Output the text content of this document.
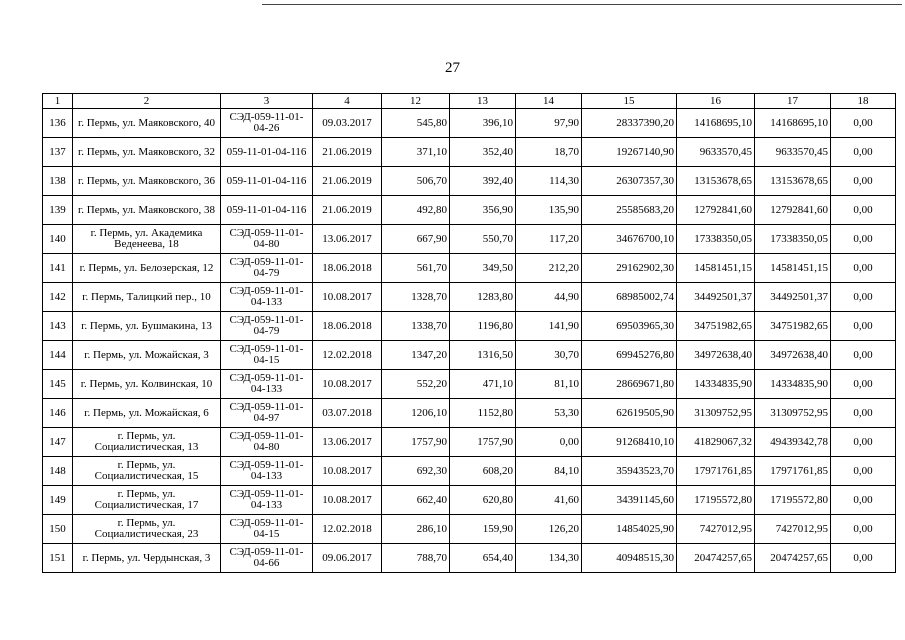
27
1	2	3	4	12	13	14	15	16	17	18
136	г. Пермь, ул. Маяковского, 40	СЭД-059-11-01-04-26	09.03.2017	545,80	396,10	97,90	28337390,20	14168695,10	14168695,10	0,00
137	г. Пермь, ул. Маяковского, 32	059-11-01-04-116	21.06.2019	371,10	352,40	18,70	19267140,90	9633570,45	9633570,45	0,00
138	г. Пермь, ул. Маяковского, 36	059-11-01-04-116	21.06.2019	506,70	392,40	114,30	26307357,30	13153678,65	13153678,65	0,00
139	г. Пермь, ул. Маяковского, 38	059-11-01-04-116	21.06.2019	492,80	356,90	135,90	25585683,20	12792841,60	12792841,60	0,00
140	г. Пермь, ул. Академика Веденеева, 18	СЭД-059-11-01-04-80	13.06.2017	667,90	550,70	117,20	34676700,10	17338350,05	17338350,05	0,00
141	г. Пермь, ул. Белозерская, 12	СЭД-059-11-01-04-79	18.06.2018	561,70	349,50	212,20	29162902,30	14581451,15	14581451,15	0,00
142	г. Пермь, Талицкий пер., 10	СЭД-059-11-01-04-133	10.08.2017	1328,70	1283,80	44,90	68985002,74	34492501,37	34492501,37	0,00
143	г. Пермь, ул. Бушмакина, 13	СЭД-059-11-01-04-79	18.06.2018	1338,70	1196,80	141,90	69503965,30	34751982,65	34751982,65	0,00
144	г. Пермь, ул. Можайская, 3	СЭД-059-11-01-04-15	12.02.2018	1347,20	1316,50	30,70	69945276,80	34972638,40	34972638,40	0,00
145	г. Пермь, ул. Колвинская, 10	СЭД-059-11-01-04-133	10.08.2017	552,20	471,10	81,10	28669671,80	14334835,90	14334835,90	0,00
146	г. Пермь, ул. Можайская, 6	СЭД-059-11-01-04-97	03.07.2018	1206,10	1152,80	53,30	62619505,90	31309752,95	31309752,95	0,00
147	г. Пермь, ул. Социалистическая, 13	СЭД-059-11-01-04-80	13.06.2017	1757,90	1757,90	0,00	91268410,10	41829067,32	49439342,78	0,00
148	г. Пермь, ул. Социалистическая, 15	СЭД-059-11-01-04-133	10.08.2017	692,30	608,20	84,10	35943523,70	17971761,85	17971761,85	0,00
149	г. Пермь, ул. Социалистическая, 17	СЭД-059-11-01-04-133	10.08.2017	662,40	620,80	41,60	34391145,60	17195572,80	17195572,80	0,00
150	г. Пермь, ул. Социалистическая, 23	СЭД-059-11-01-04-15	12.02.2018	286,10	159,90	126,20	14854025,90	7427012,95	7427012,95	0,00
151	г. Пермь, ул. Чердынская, 3	СЭД-059-11-01-04-66	09.06.2017	788,70	654,40	134,30	40948515,30	20474257,65	20474257,65	0,00
